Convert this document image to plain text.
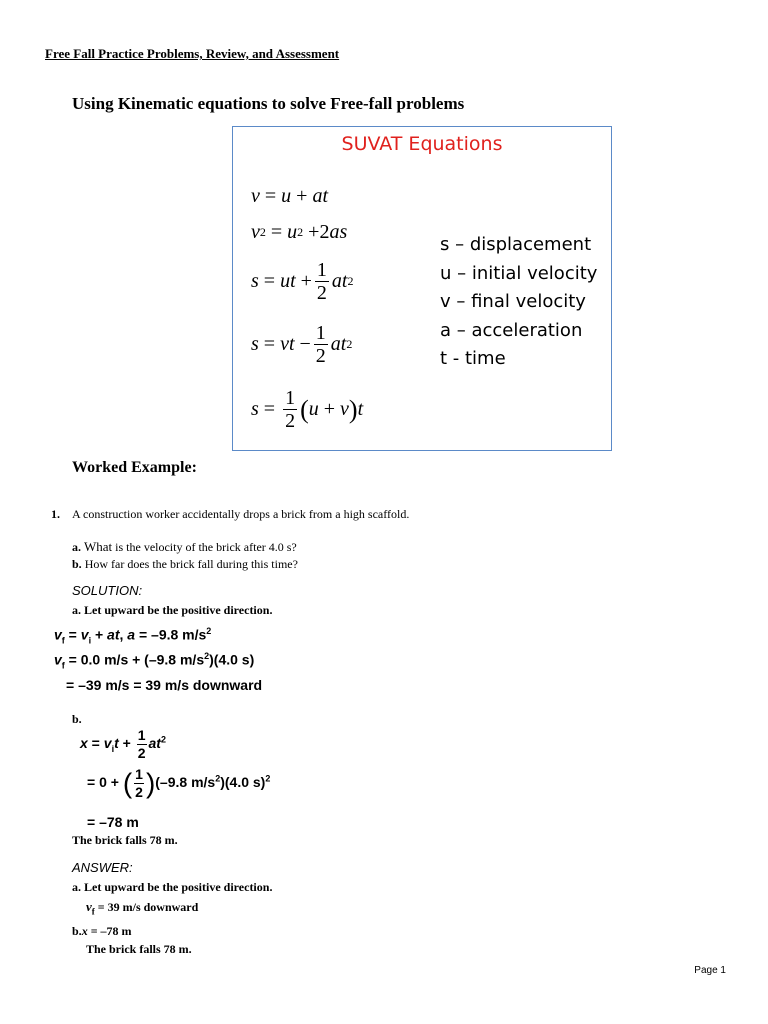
Free Fall Practice Problems, Review, and Assessment
Using Kinematic equations to solve Free-fall problems
SUVAT Equations
v = u + at
v 2 = u 2 +2 as
s = ut + $\frac{1}{2}$ at 2
s = vt − $\frac{1}{2}$ at 2
$s = \frac{1}{2}$ ( u + v ) t
s – displacement
u – initial velocity
v – final velocity
a – acceleration
t - time
Worked Example:
1. A construction worker accidentally drops a brick from a high scaffold.
a. What is the velocity of the brick after 4.0 s?
b. How far does the brick fall during this time?
SOLUTION:
a. Let upward be the positive direction.
$v_f = v_i$ + at, a = –9.8 $m/s^2$
$v_f = 0.0$ m/s + (–9.8 $m/s^2)(4.0$ s)
= –39 m/s = 39 m/s downward
b.
$x = v_it + \frac{1}{2} at^2$
= 0 + ( $\frac{1}{2} )(-9.8$ $m/s^2)(4.0$ s)$^2$
= –78 m
The brick falls 78 m.
ANSWER:
a. Let upward be the positive direction.
$v_f = 39$ m/s downward
b.x = –78 m
The brick falls 78 m.
Page 1
